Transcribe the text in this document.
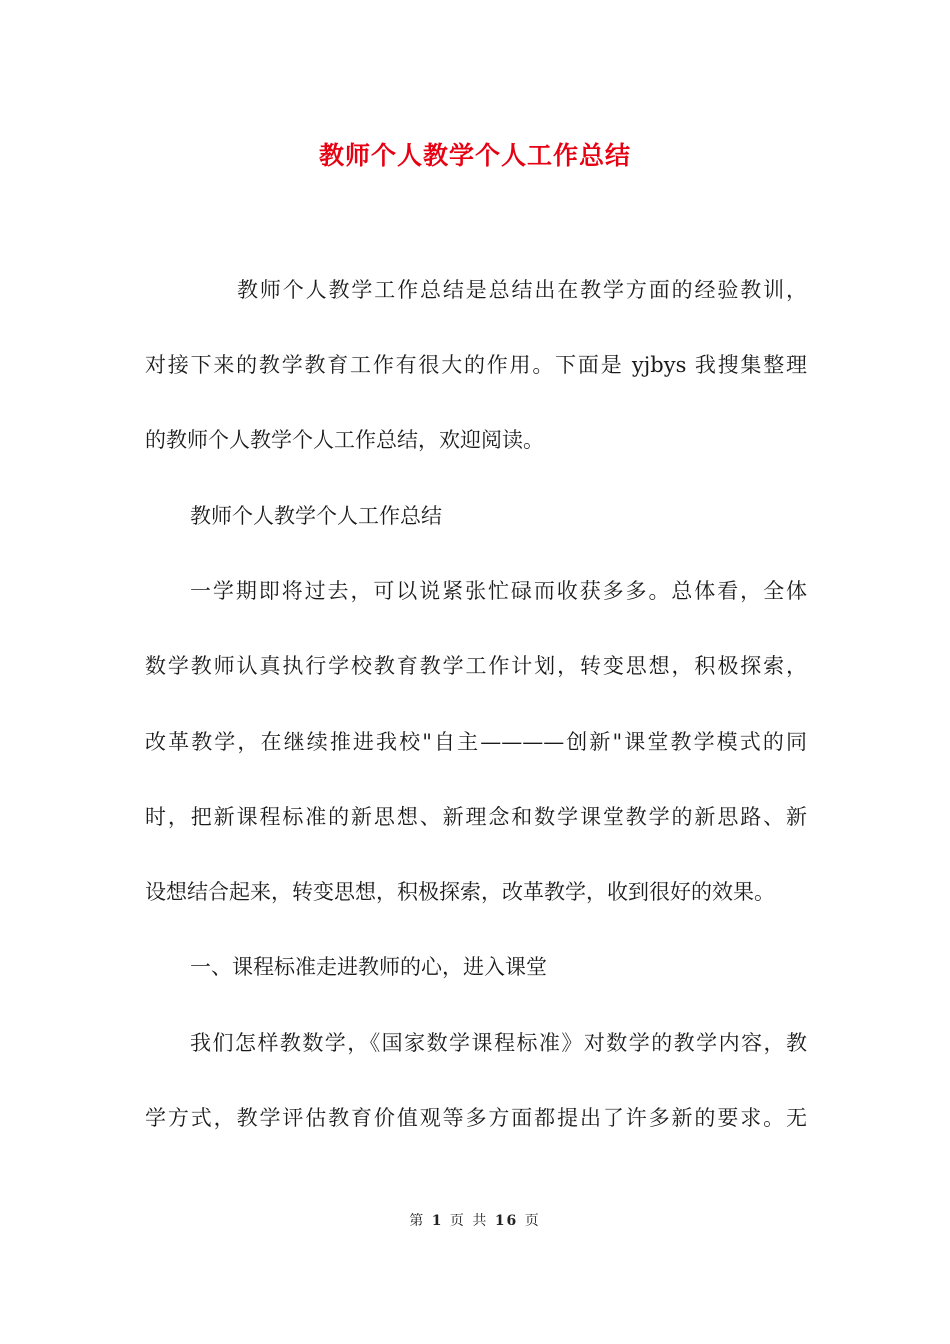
教师个人教学个人工作总结
教师个人教学工作总结是总结出在教学方面的经验教训，
对接下来的教学教育工作有很大的作用。下面是 yjbys 我搜集整理
的教师个人教学个人工作总结，欢迎阅读。
教师个人教学个人工作总结
一学期即将过去，可以说紧张忙碌而收获多多。总体看，全体
数学教师认真执行学校教育教学工作计划，转变思想，积极探索，
改革教学，在继续推进我校"自主————创新"课堂教学模式的同
时，把新课程标准的新思想、新理念和数学课堂教学的新思路、新
设想结合起来，转变思想，积极探索，改革教学，收到很好的效果。
一、课程标准走进教师的心，进入课堂
我们怎样教数学，《国家数学课程标准》对数学的教学内容，教
学方式，教学评估教育价值观等多方面都提出了许多新的要求。无
第 1 页 共 16 页
